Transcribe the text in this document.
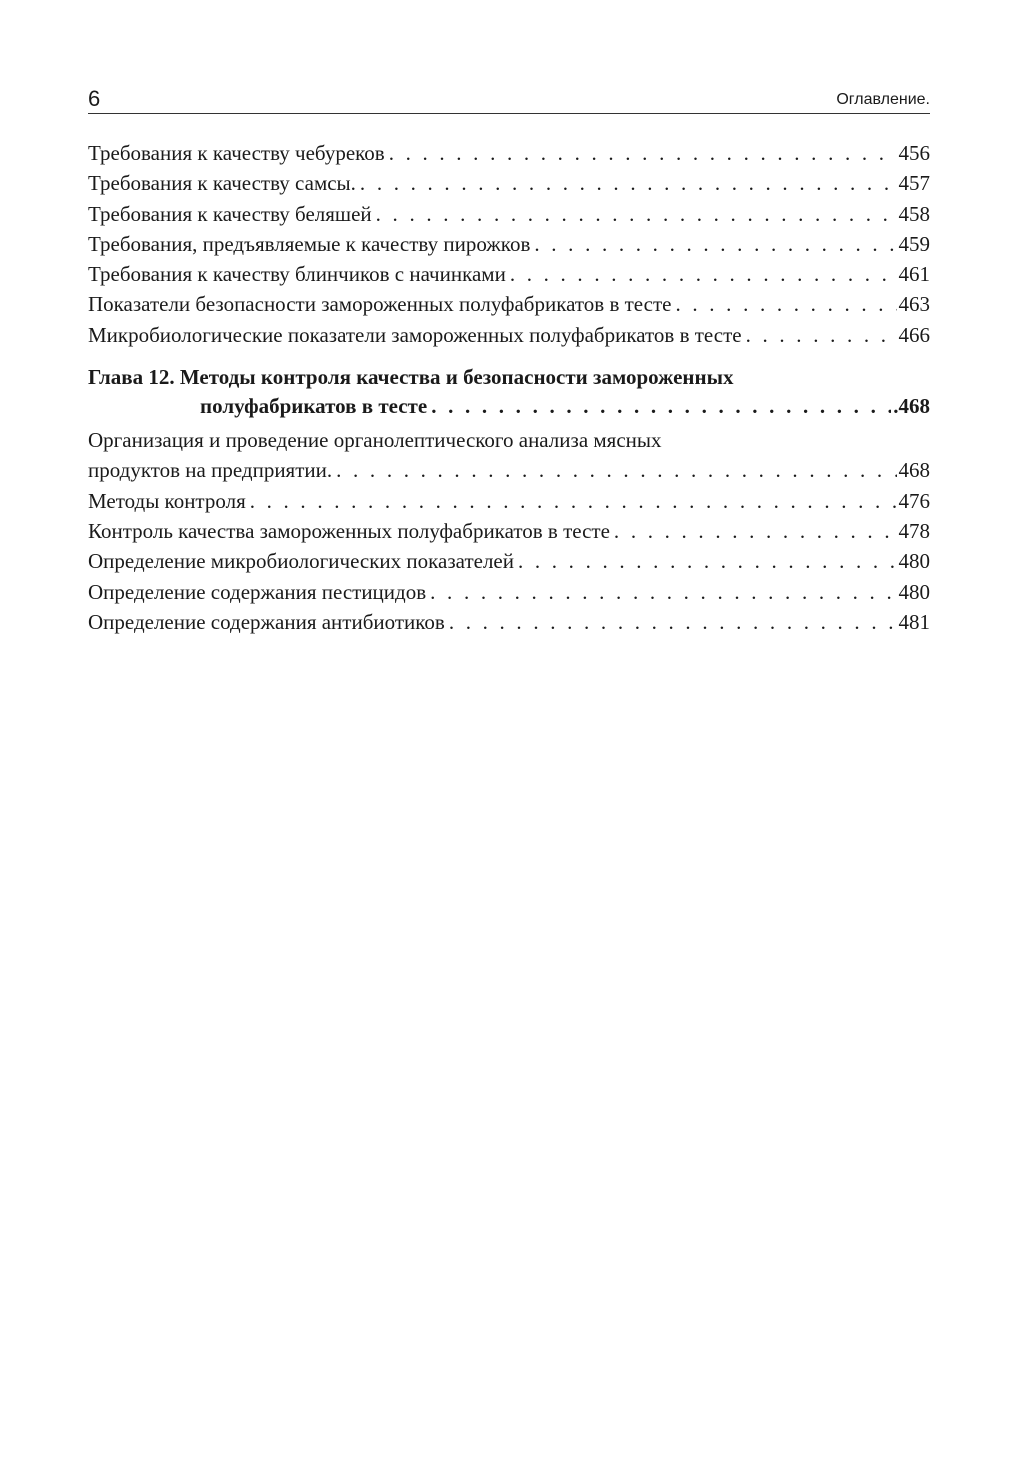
6	Оглавление.
Требования к качеству чебуреков . . .	456
Требования к качеству самсы. . . .	457
Требования к качеству беляшей . . .	458
Требования, предъявляемые к качеству пирожков . . .	459
Требования к качеству блинчиков с начинками . . .	461
Показатели безопасности замороженных полуфабрикатов в тесте . . .	463
Микробиологические показатели замороженных полуфабрикатов в тесте . . .	466
Глава 12. Методы контроля качества и безопасности замороженных
полуфабрикатов в тесте . . .	.468
Организация и проведение органолептического анализа мясных
продуктов на предприятии. . . .	468
Методы контроля . . .	476
Контроль качества замороженных полуфабрикатов в тесте . . .	478
Определение микробиологических показателей . . .	480
Определение содержания пестицидов . . .	480
Определение содержания антибиотиков . . .	481
